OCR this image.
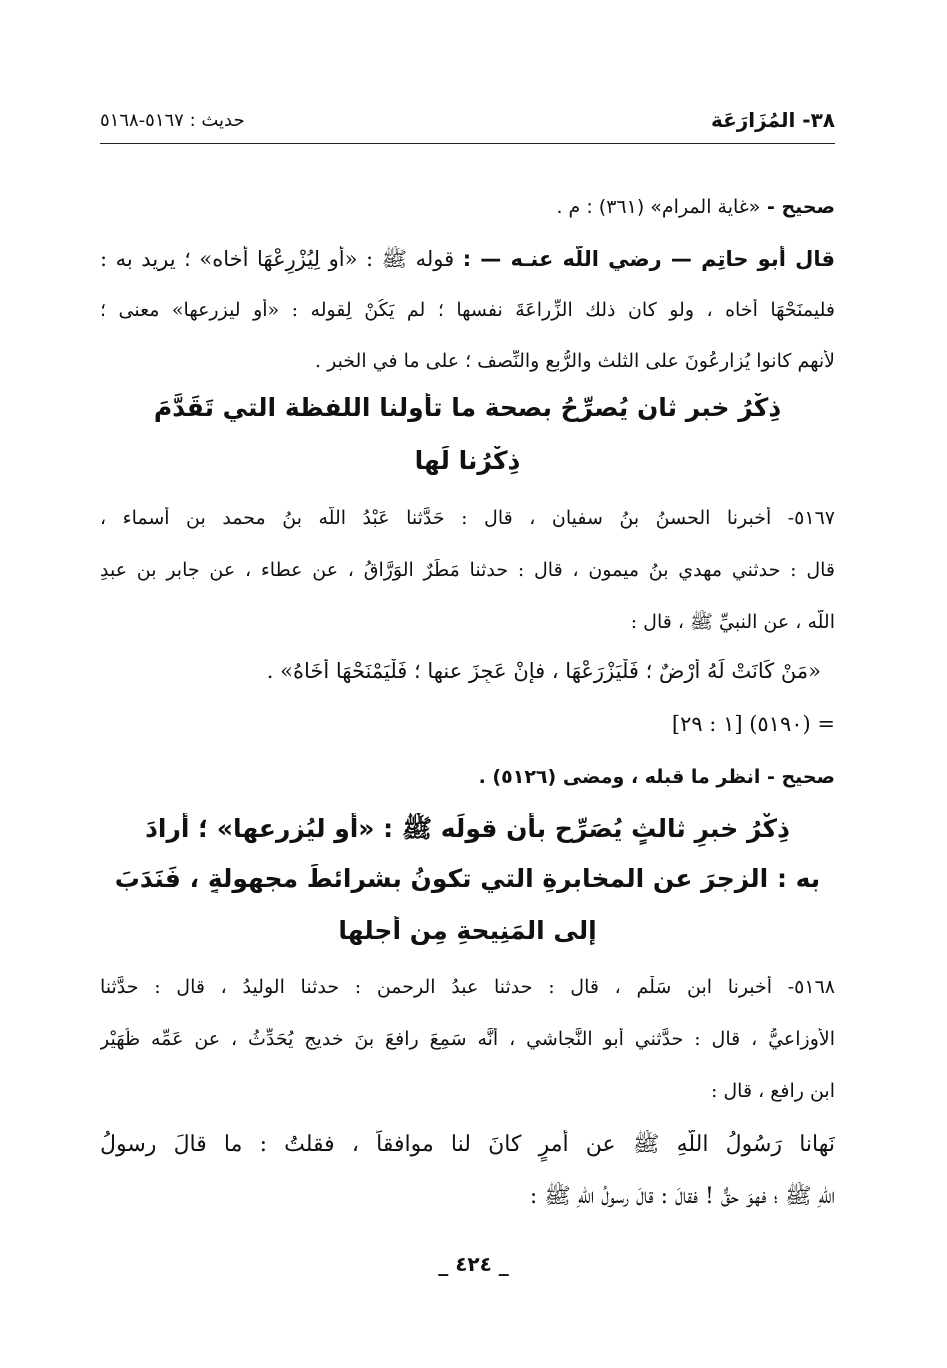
٣٨- المُزَارَعَة
حديث : ٥١٦٧-٥١٦٨
صحيح - «غاية المرام» (٣٦١) : م .
قال أبو حاتِم — رضي اللّه عنـه — : قوله ﷺ : «أو لِيُزْرِعْهَا أخاه» ؛ يريد به :
فليمنَحْهَا أخاه ، ولو كان ذلك الزِّراعَةَ نفسها ؛ لم يَكُنْ لِقوله : «أو ليزرعها» معنى ؛
لأنهم كانوا يُزارِعُونَ على الثلث والرُّبع والنِّصف ؛ على ما في الخبر .
ذِكْرُ خبرٍ ثانٍ يُصرِّحُ بصحة ما تأولنا اللفظة التي تَقَدَّمَ
ذِكْرُنا لَها
٥١٦٧- أخبرنا الحسنُ بنُ سفيان ، قال : حَدَّثنا عَبْدُ اللّه بنُ محمد بن أسماء ،
قال : حدثني مهدي بنُ ميمون ، قال : حدثنا مَطَرٌ الوَرَّاقُ ، عن عطاء ، عن جابر بن عبدِ
اللّه ، عن النبيِّ ﷺ ، قال :
«مَنْ كَانَتْ لَهُ أَرْضٌ ؛ فَلْيَزْرَعْهَا ، فإنْ عَجِزَ عنها ؛ فَلْيَمْنَحْهَا أَخَاهُ» .
= (٥١٩٠) [١ : ٢٩]
صحيح - انظر ما قبله ، ومضى (٥١٢٦) .
ذِكْرُ خبرِ ثالثٍ يُصَرِّح بأن قولَه ﷺ : «أو ليُزرعها» ؛ أرادَ
به : الزجرَ عن المخابرةِ التي تكونُ بشرائطَ مجهولةٍ ، فَنَدَبَ
إلى المَنِيحةِ مِن أجلها
٥١٦٨- أخبرنا ابن سَلْمٍ ، قال : حدثنا عبدُ الرحمن : حدثنا الوليدُ ، قال : حدَّثنا
الأوزاعيُّ ، قال : حدَّثني أبو النَّجاشي ، أنَّه سَمِعَ رافعَ بنَ خديجٍ يُحَدِّثُ ، عن عَمِّه ظُهَيْر
ابن رافع ، قال :
نَهانا رَسُولُ اللّهِ ﷺ عن أمرٍ كانَ لنا موافقاً ، فقلتُ : ما قالَ رسولُ
اللّهِ ﷺ ؛ فهوَ حقٌّ ! فقالَ : قالَ رسولُ اللّهِ ﷺ :
_ ٤٢٤ _
